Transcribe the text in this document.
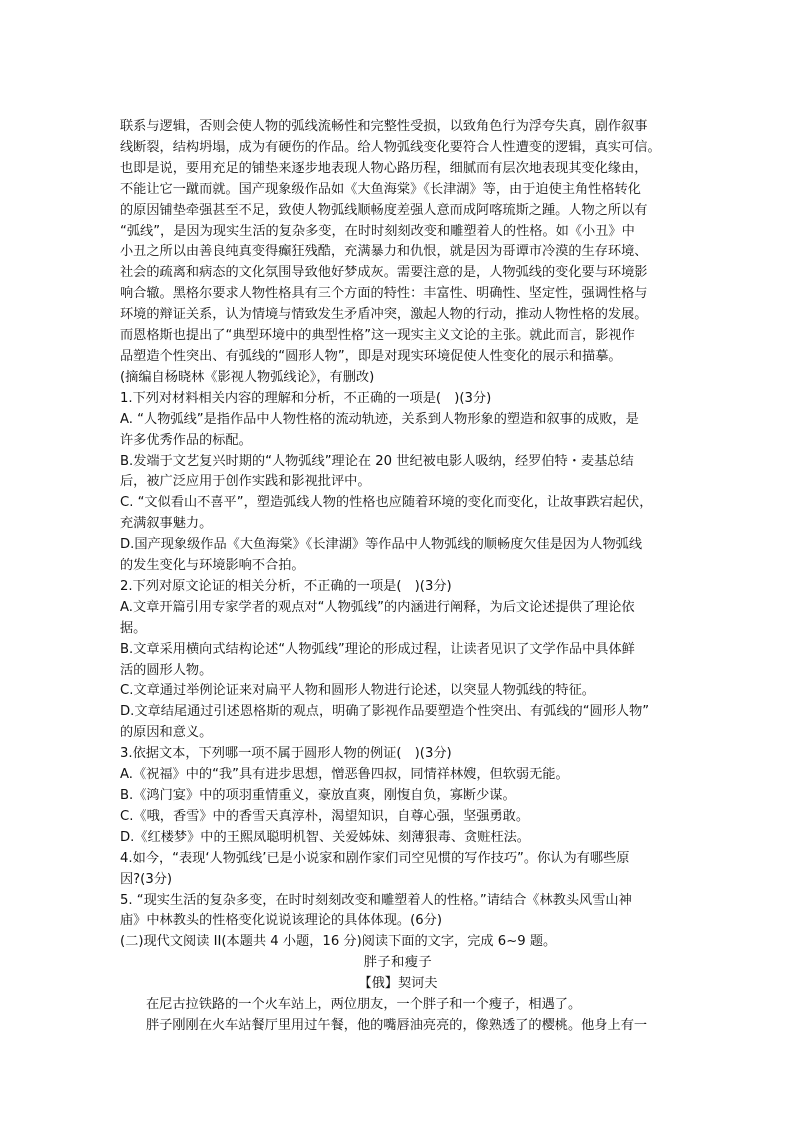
联系与逻辑，否则会使人物的弧线流畅性和完整性受损，以致角色行为浮夸失真，剧作叙事

线断裂，结构坍塌，成为有硬伤的作品。给人物弧线变化要符合人性遭变的逻辑，真实可信。

也即是说，要用充足的铺垫来逐步地表现人物心路历程，细腻而有层次地表现其变化缘由，

不能让它一蹴而就。国产现象级作品如《大鱼海棠》《长津湖》等，由于迫使主角性格转化

的原因铺垫牵强甚至不足，致使人物弧线顺畅度差强人意而成阿喀琉斯之踵。人物之所以有

“弧线”，是因为现实生活的复杂多变，在时时刻刻改变和雕塑着人的性格。如《小丑》中

小丑之所以由善良纯真变得癫狂残酷，充满暴力和仇恨，就是因为哥谭市冷漠的生存环境、

社会的疏离和病态的文化氛围导致他好梦成灰。需要注意的是，人物弧线的变化要与环境影

响合辙。黑格尔要求人物性格具有三个方面的特性：丰富性、明确性、坚定性，强调性格与

环境的辩证关系，认为情境与情致发生矛盾冲突，激起人物的行动，推动人物性格的发展。

而恩格斯也提出了“典型环境中的典型性格”这一现实主义文论的主张。就此而言，影视作

品塑造个性突出、有弧线的“圆形人物”，即是对现实环境促使人性变化的展示和描摹。

(摘编自杨晓林《影视人物弧线论》，有删改)

1.下列对材料相关内容的理解和分析，不正确的一项是(　)(3分)

A. “人物弧线”是指作品中人物性格的流动轨迹，关系到人物形象的塑造和叙事的成败，是

许多优秀作品的标配。

B.发端于文艺复兴时期的“人物弧线”理论在 20 世纪被电影人吸纳，经罗伯特・麦基总结

后，被广泛应用于创作实践和影视批评中。

C. “文似看山不喜平”，塑造弧线人物的性格也应随着环境的变化而变化，让故事跌宕起伏，

充满叙事魅力。

D.国产现象级作品《大鱼海棠》《长津湖》等作品中人物弧线的顺畅度欠佳是因为人物弧线

的发生变化与环境影响不合拍。

2.下列对原文论证的相关分析，不正确的一项是(　)(3分)

A.文章开篇引用专家学者的观点对“人物弧线”的内涵进行阐释，为后文论述提供了理论依

据。

B.文章采用横向式结构论述“人物弧线”理论的形成过程，让读者见识了文学作品中具体鲜

活的圆形人物。

C.文章通过举例论证来对扁平人物和圆形人物进行论述，以突显人物弧线的特征。

D.文章结尾通过引述恩格斯的观点，明确了影视作品要塑造个性突出、有弧线的“圆形人物”

的原因和意义。

3.依据文本，下列哪一项不属于圆形人物的例证(　)(3分)

A.《祝福》中的“我”具有进步思想，憎恶鲁四叔，同情祥林嫂，但软弱无能。

B.《鸿门宴》中的项羽重情重义，豪放直爽，刚愎自负，寡断少谋。

C.《哦，香雪》中的香雪天真淳朴，渴望知识，自尊心强，坚强勇敢。

D.《红楼梦》中的王熙凤聪明机智、关爱姊妹、刻薄狠毒、贪赃枉法。

4.如今，“表现‘人物弧线’已是小说家和剧作家们司空见惯的写作技巧”。你认为有哪些原

因?(3分)

5. “现实生活的复杂多变，在时时刻刻改变和雕塑着人的性格。”请结合《林教头风雪山神

庙》中林教头的性格变化说说该理论的具体体现。(6分)

(二)现代文阅读 II(本题共 4 小题，16 分)阅读下面的文字，完成 6~9 题。

胖子和瘦子

【俄】契诃夫

在尼古拉铁路的一个火车站上，两位朋友，一个胖子和一个瘦子，相遇了。

胖子刚刚在火车站餐厅里用过午餐，他的嘴唇油亮亮的，像熟透了的樱桃。他身上有一
